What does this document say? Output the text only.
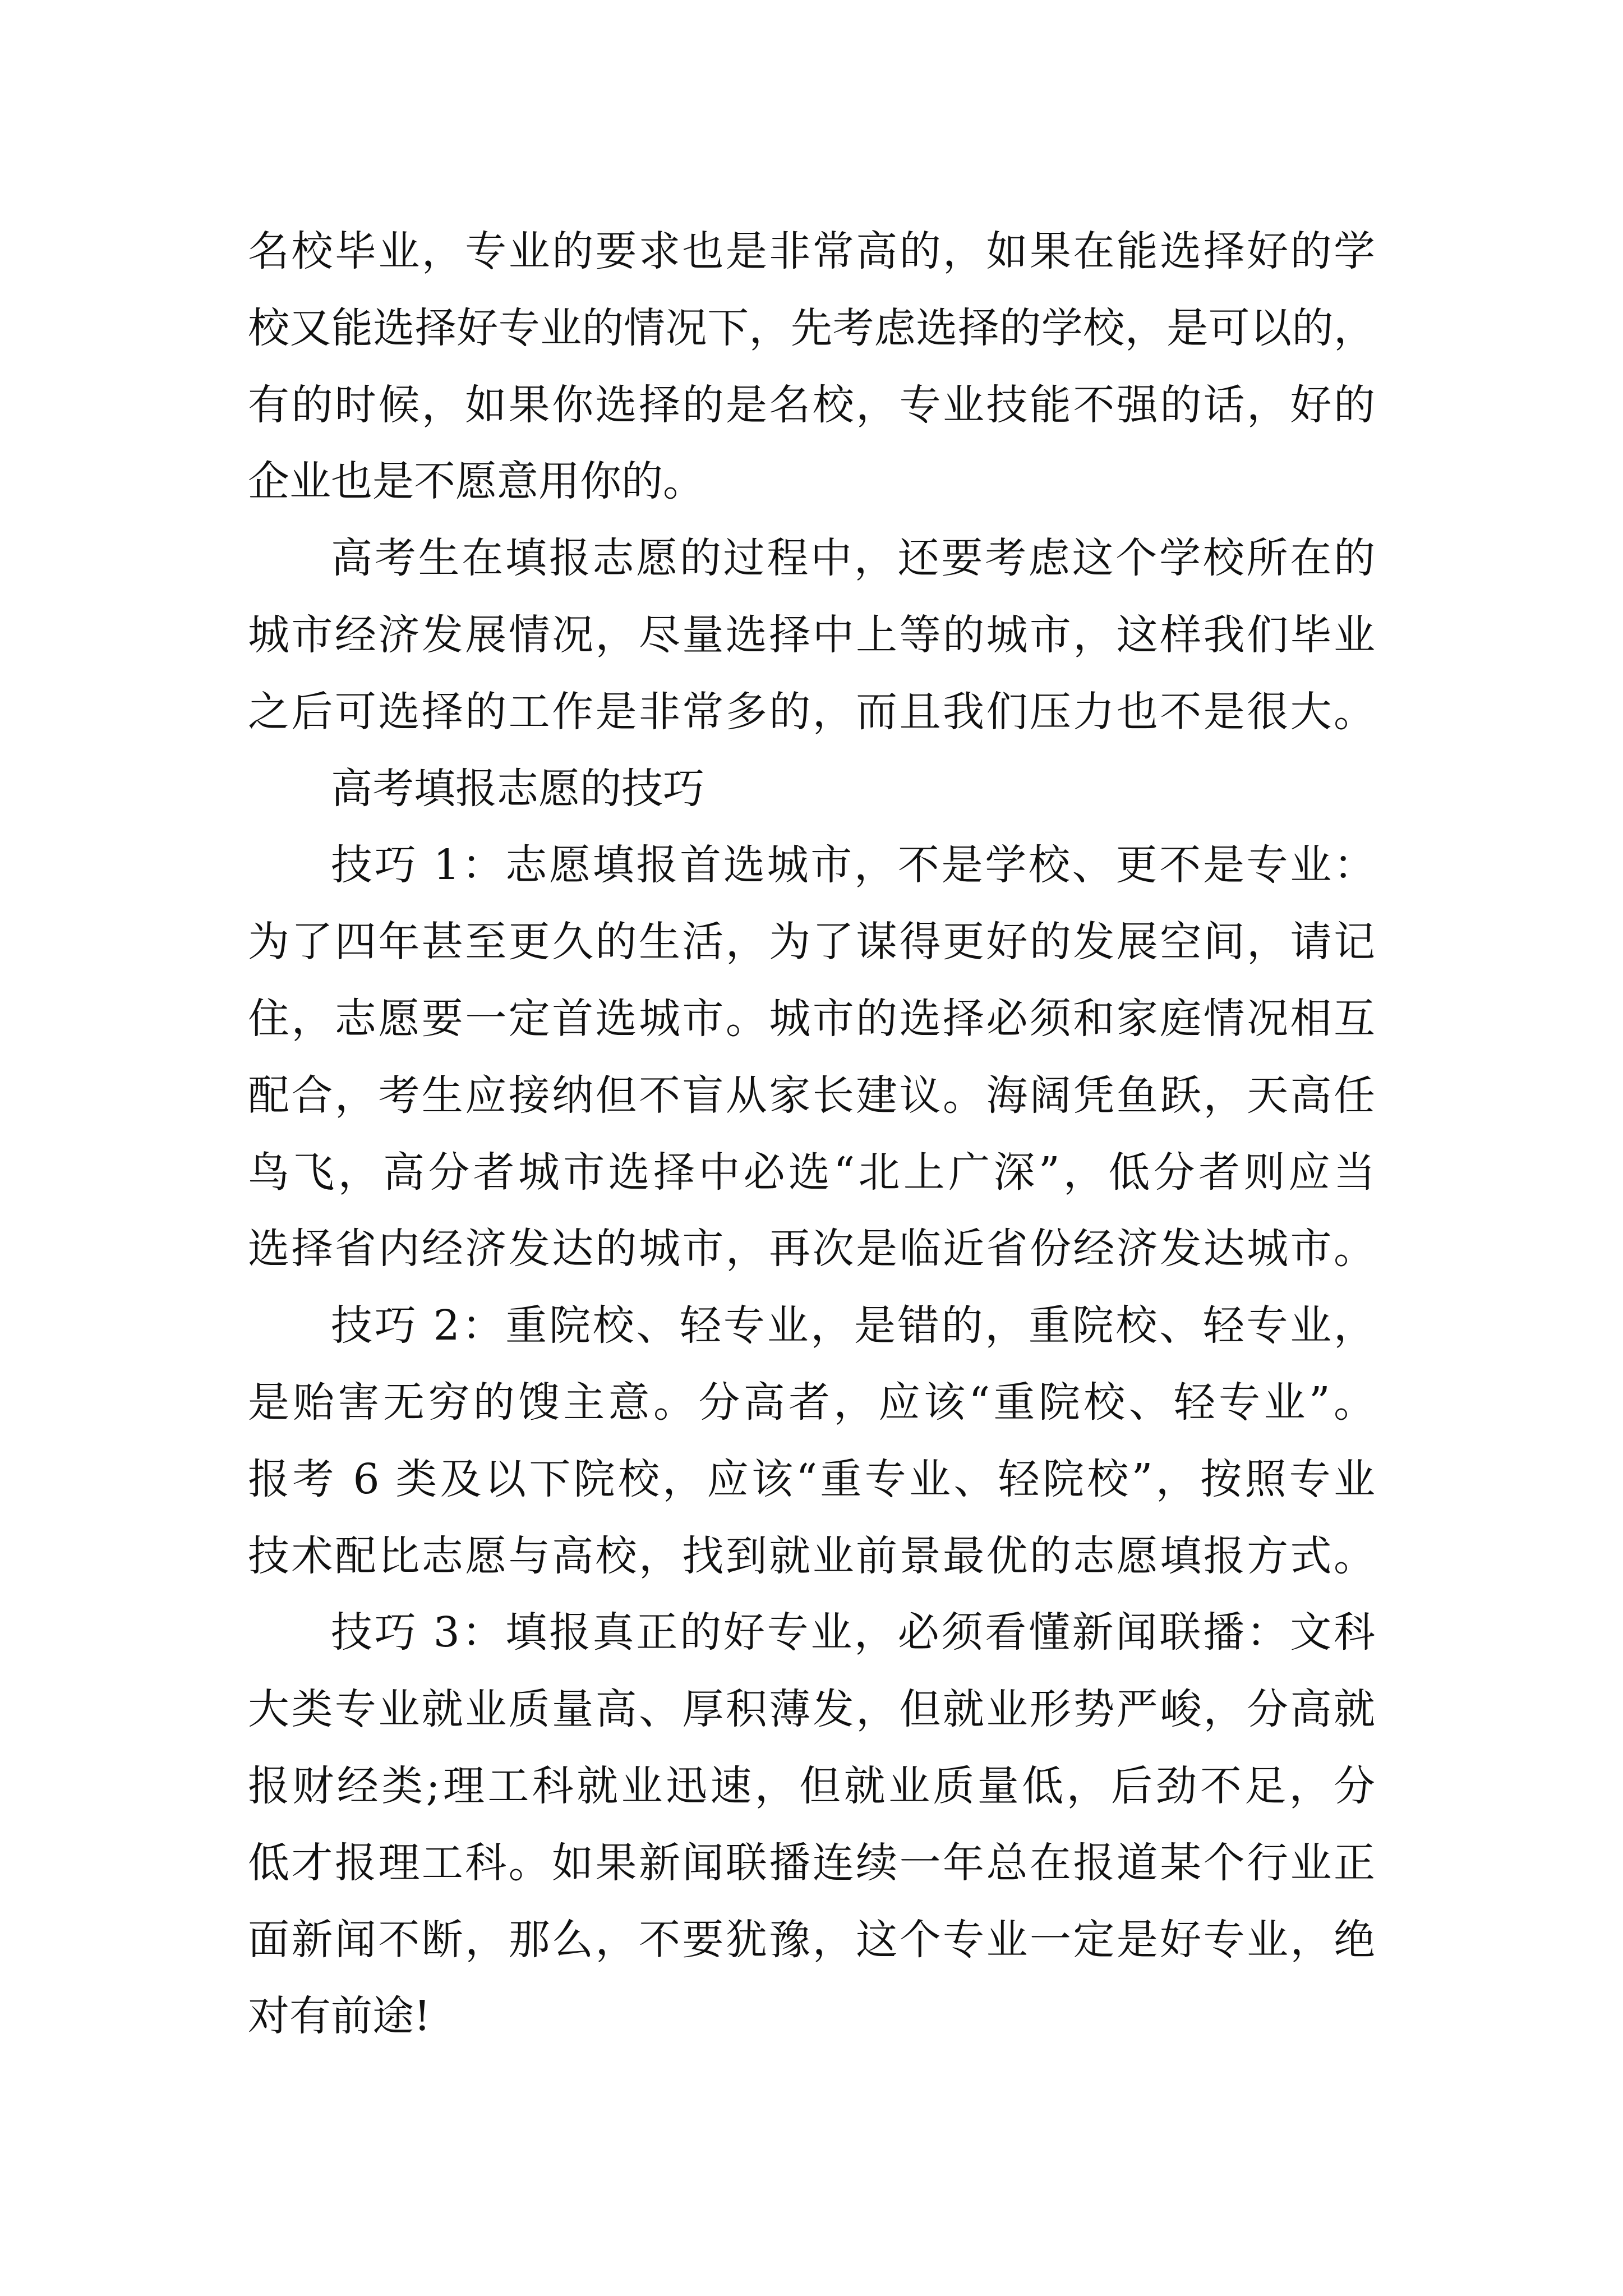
名校毕业，专业的要求也是非常高的，如果在能选择好的学
校又能选择好专业的情况下，先考虑选择的学校，是可以的，
有的时候，如果你选择的是名校，专业技能不强的话，好的
企业也是不愿意用你的。
高考生在填报志愿的过程中，还要考虑这个学校所在的
城市经济发展情况，尽量选择中上等的城市，这样我们毕业
之后可选择的工作是非常多的，而且我们压力也不是很大。
高考填报志愿的技巧
技巧 1：志愿填报首选城市，不是学校、更不是专业：
为了四年甚至更久的生活，为了谋得更好的发展空间，请记
住，志愿要一定首选城市。城市的选择必须和家庭情况相互
配合，考生应接纳但不盲从家长建议。海阔凭鱼跃，天高任
鸟飞，高分者城市选择中必选“北上广深”，低分者则应当
选择省内经济发达的城市，再次是临近省份经济发达城市。
技巧 2：重院校、轻专业，是错的，重院校、轻专业，
是贻害无穷的馊主意。分高者，应该“重院校、轻专业”。
报考 6 类及以下院校，应该“重专业、轻院校”，按照专业
技术配比志愿与高校，找到就业前景最优的志愿填报方式。
技巧 3：填报真正的好专业，必须看懂新闻联播：文科
大类专业就业质量高、厚积薄发，但就业形势严峻，分高就
报财经类;理工科就业迅速，但就业质量低，后劲不足，分
低才报理工科。如果新闻联播连续一年总在报道某个行业正
面新闻不断，那么，不要犹豫，这个专业一定是好专业，绝
对有前途!
